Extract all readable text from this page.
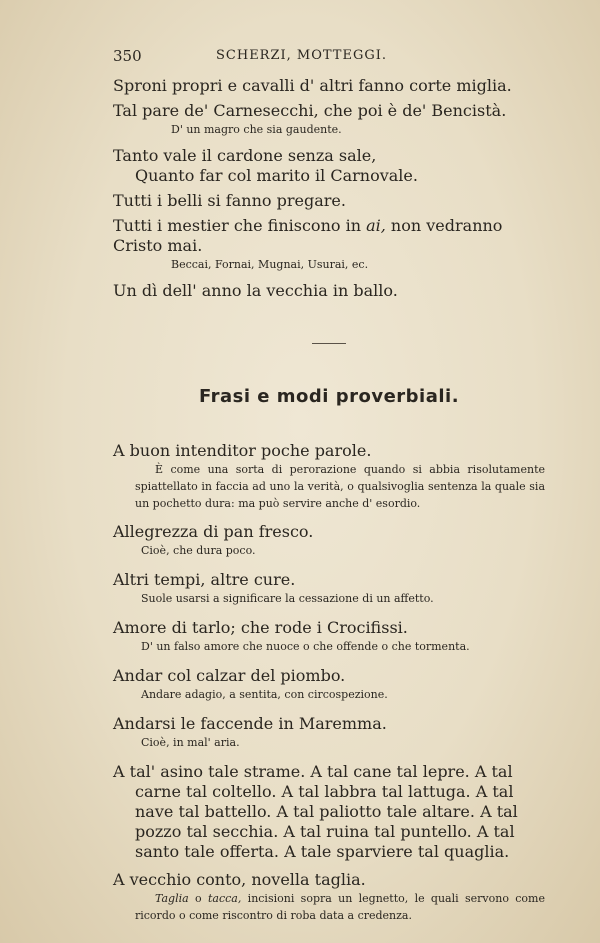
350	SCHERZI, MOTTEGGI.
Sproni propri e cavalli d' altri fanno corte miglia.
Tal pare de' Carnesecchi, che poi è de' Bencistà.
D' un magro che sia gaudente.
Tanto vale il cardone senza sale,
Quanto far col marito il Carnovale.
Tutti i belli si fanno pregare.
Tutti i mestier che finiscono in ai, non vedranno Cristo mai.
Beccai, Fornai, Mugnai, Usurai, ec.
Un dì dell' anno la vecchia in ballo.
Frasi e modi proverbiali.
A buon intenditor poche parole.
È come una sorta di perorazione quando si abbia risolutamente spiattellato in faccia ad uno la verità, o qualsivoglia sentenza la quale sia un pochetto dura: ma può servire anche d' esordio.
Allegrezza di pan fresco.
Cioè, che dura poco.
Altri tempi, altre cure.
Suole usarsi a significare la cessazione di un affetto.
Amore di tarlo; che rode i Crocifissi.
D' un falso amore che nuoce o che offende o che tormenta.
Andar col calzar del piombo.
Andare adagio, a sentita, con circospezione.
Andarsi le faccende in Maremma.
Cioè, in mal' aria.
A tal' asino tale strame. A tal cane tal lepre. A tal carne tal coltello. A tal labbra tal lattuga. A tal nave tal battello. A tal paliotto tale altare. A tal pozzo tal secchia. A tal ruina tal puntello. A tal santo tale offerta. A tale sparviere tal quaglia.
A vecchio conto, novella taglia.
Taglia o tacca, incisioni sopra un legnetto, le quali servono come ricordo o come riscontro di roba data a credenza.
